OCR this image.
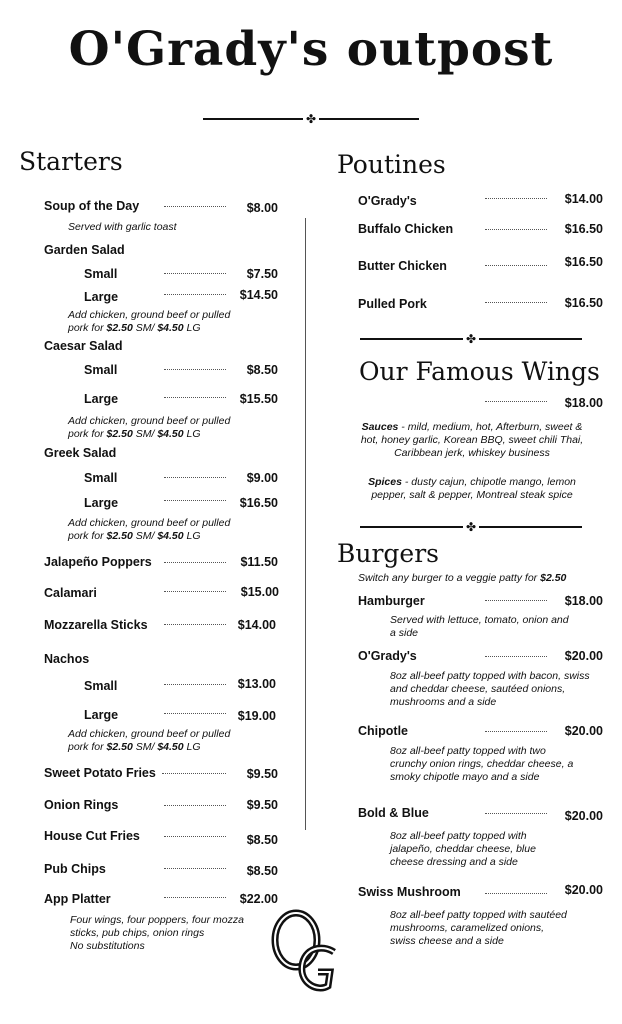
O'Grady's outpost
✤
Starters
Soup of the Day	$8.00
Served with garlic toast
Garden Salad
Small	$7.50
Large	$14.50
Add chicken, ground beef or pulled
pork for $2.50 SM/ $4.50 LG
Caesar Salad
Small	$8.50
Large	$15.50
Add chicken, ground beef or pulled
pork for $2.50 SM/ $4.50 LG
Greek Salad
Small	$9.00
Large	$16.50
Add chicken, ground beef or pulled
pork for $2.50 SM/ $4.50 LG
Jalapeño Poppers	$11.50
Calamari	$15.00
Mozzarella Sticks	$14.00
Nachos
Small	$13.00
Large	$19.00
Add chicken, ground beef or pulled
pork for $2.50 SM/ $4.50 LG
Sweet Potato Fries	$9.50
Onion Rings	$9.50
House Cut Fries	$8.50
Pub Chips	$8.50
App Platter	$22.00
Four wings, four poppers, four mozza
sticks, pub chips, onion rings
No substitutions
Poutines
O'Grady's	$14.00
Buffalo Chicken	$16.50
Butter Chicken	$16.50
Pulled Pork	$16.50
✤
Our Famous Wings
$18.00
Sauces - mild, medium, hot, Afterburn, sweet & hot, honey garlic, Korean BBQ, sweet chili Thai, Caribbean jerk, whiskey business
Spices - dusty cajun, chipotle mango, lemon pepper, salt & pepper, Montreal steak spice
✤
Burgers
Switch any burger to a veggie patty for $2.50
Hamburger	$18.00
Served with lettuce, tomato, onion and a side
O'Grady's	$20.00
8oz all-beef patty topped with bacon, swiss and cheddar cheese, sautéed onions, mushrooms and a side
Chipotle	$20.00
8oz all-beef patty topped with two crunchy onion rings, cheddar cheese, a smoky chipotle mayo and a side
Bold & Blue	$20.00
8oz all-beef patty topped with jalapeño, cheddar cheese, blue cheese dressing and a side
Swiss Mushroom	$20.00
8oz all-beef patty topped with sautéed mushrooms, caramelized onions, swiss cheese and a side
